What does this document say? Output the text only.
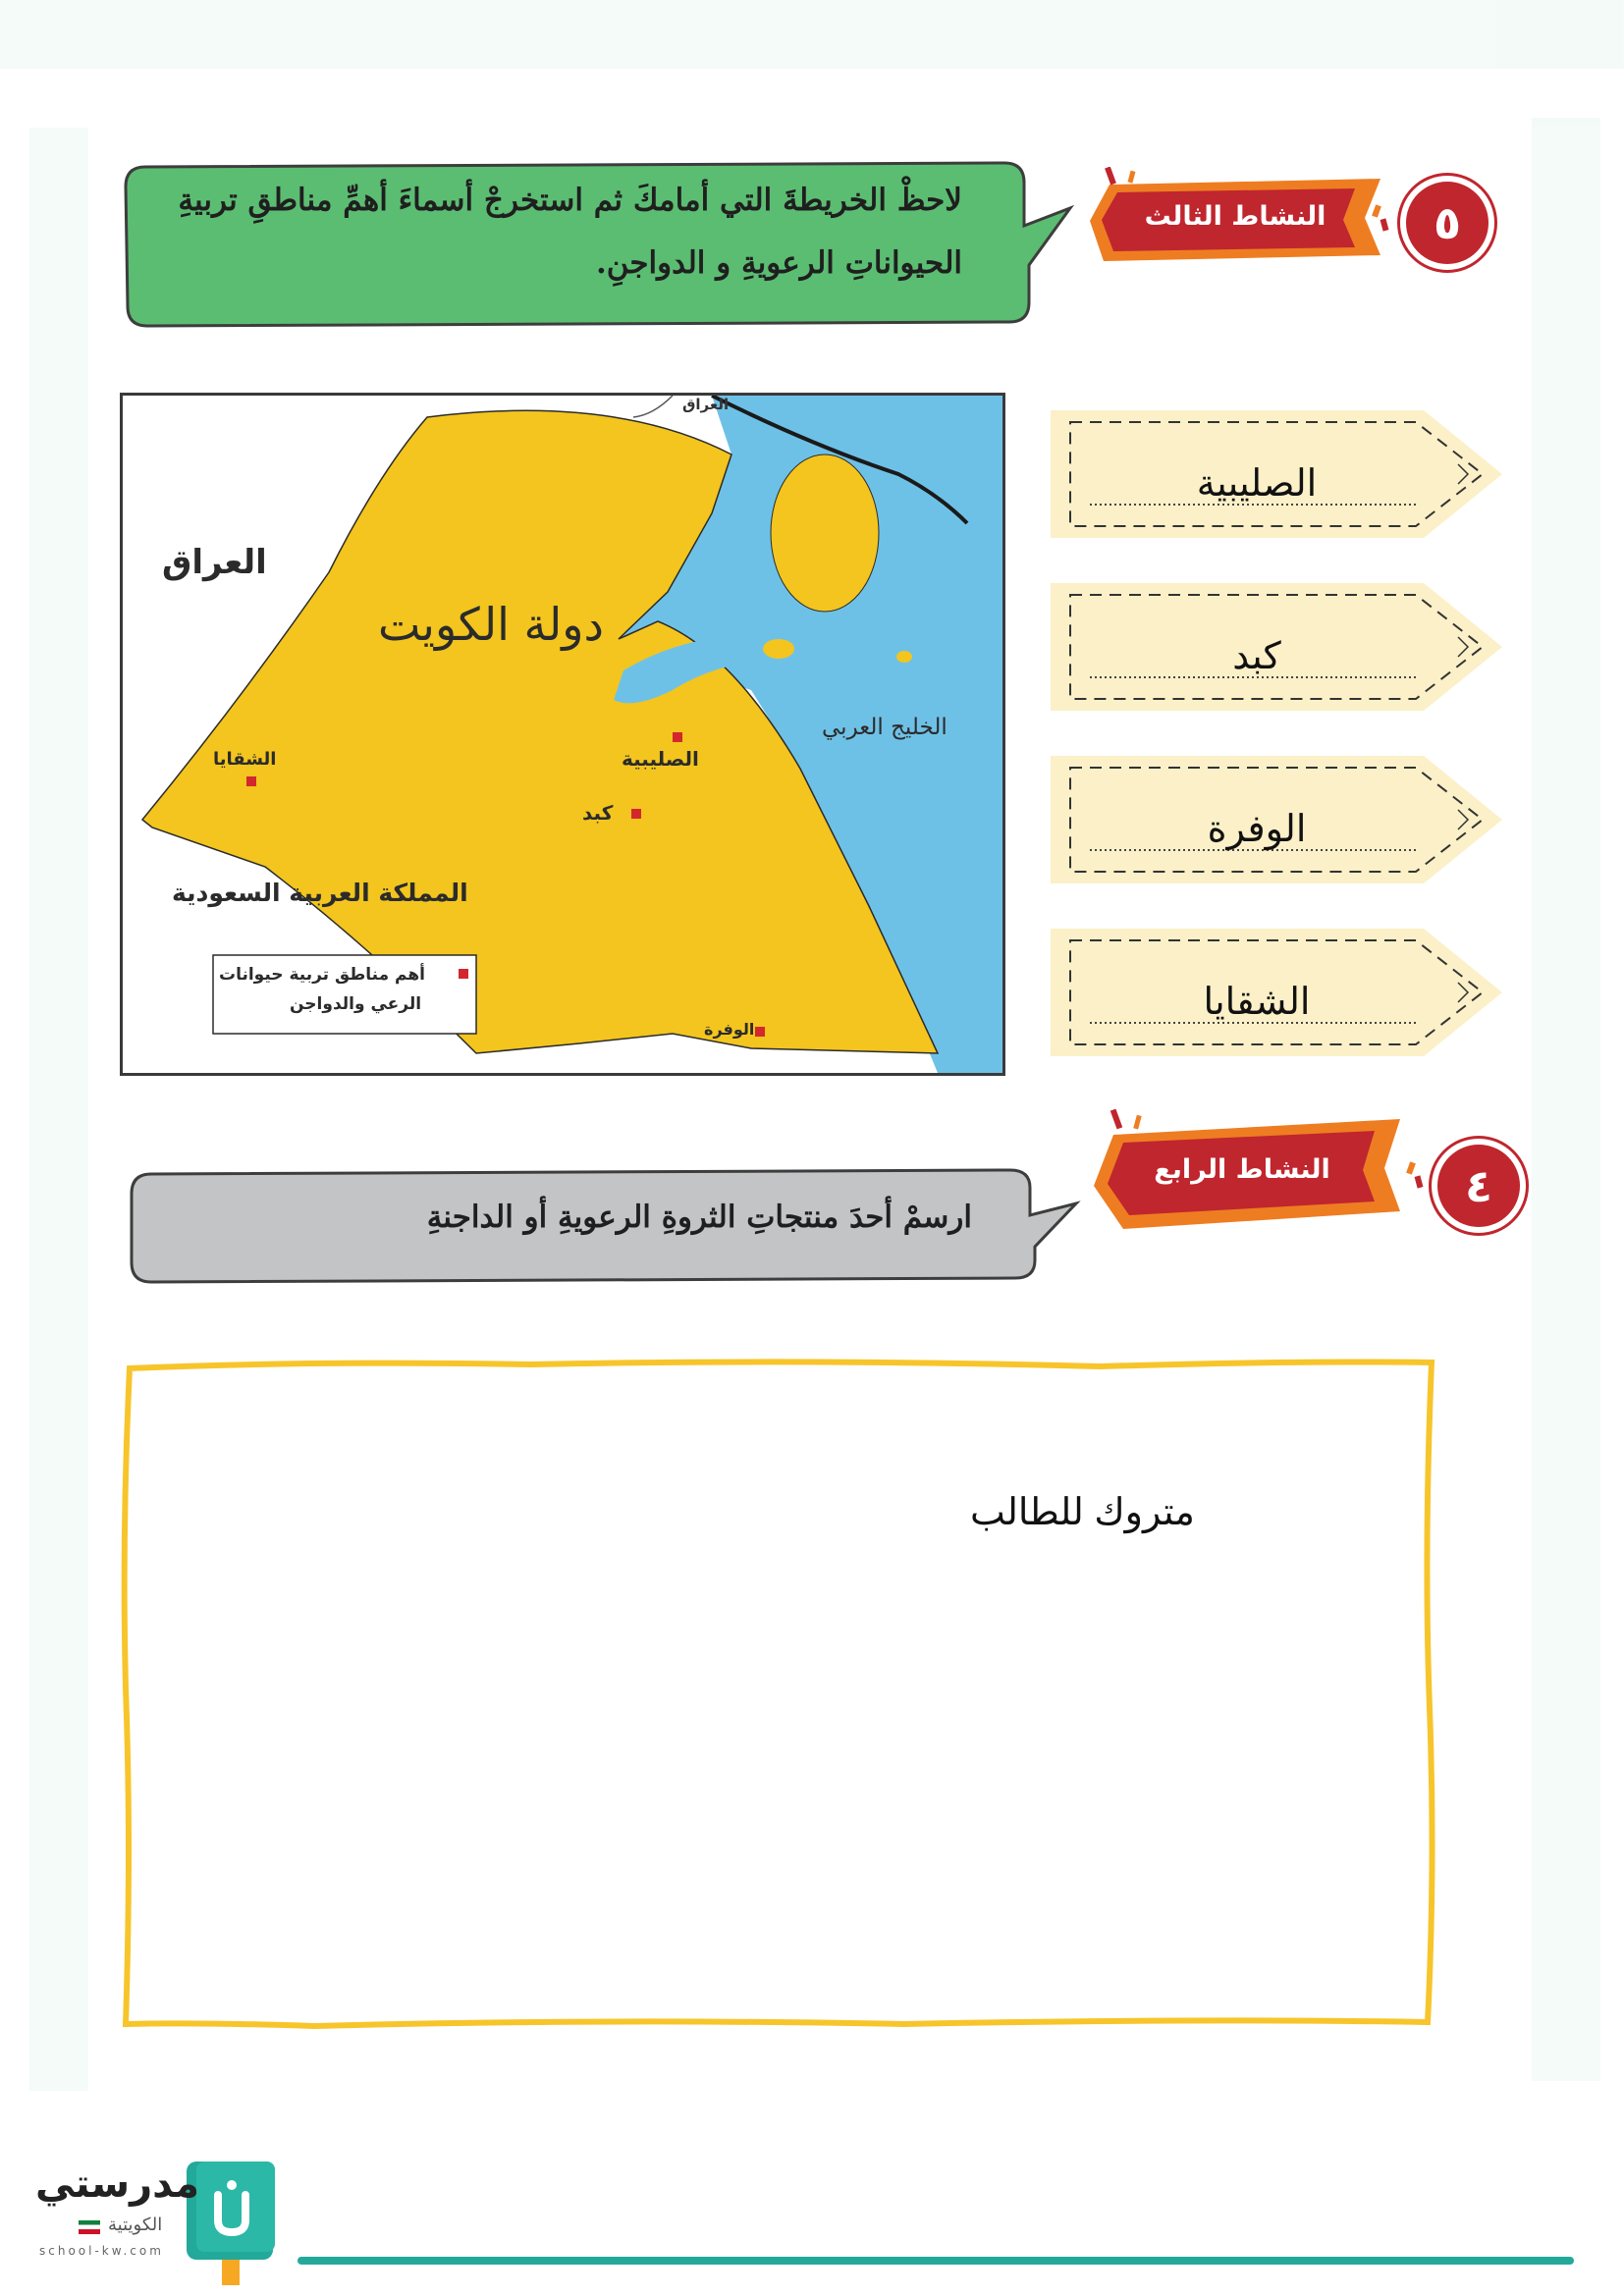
٥
النشاط الثالث
لاحظْ الخريطةَ التي أمامكَ ثم استخرجْ أسماءَ أهمِّ مناطقِ تربيةِ
الحيواناتِ الرعويةِ و الدواجنِ.
العراق
العراق
دولة الكويت
الخليج العربي
الصليبية
كبد
الشقايا
الوفرة
المملكة العربية السعودية
أهم مناطق تربية حيوانات
الرعي والدواجن
الصليبية
كبد
الوفرة
الشقايا
٤
النشاط الرابع
ارسمْ أحدَ منتجاتِ الثروةِ الرعويةِ أو الداجنةِ
متروك للطالب
مدرستي
الكويتية
school-kw.com
